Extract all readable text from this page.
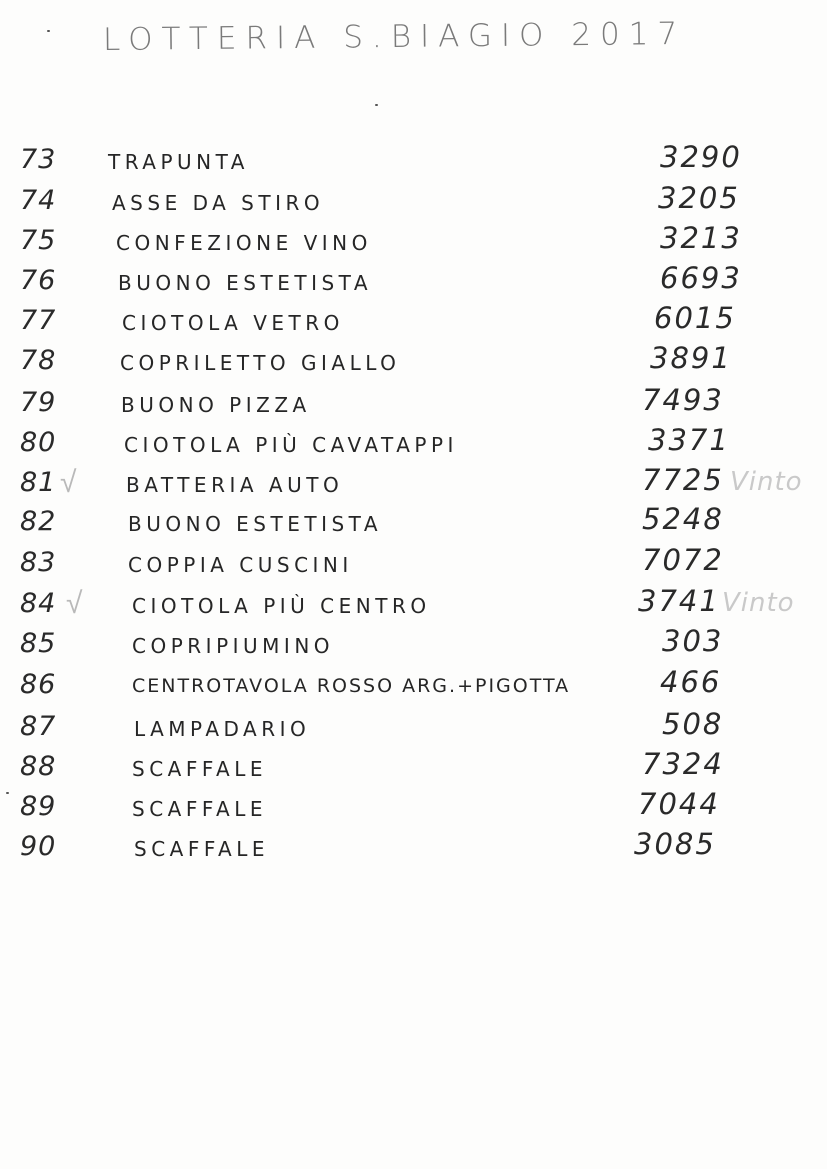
LOTTERIA S.BIAGIO 2017
73	TRAPUNTA	3290
74	ASSE DA STIRO	3205
75	CONFEZIONE VINO	3213
76	BUONO ESTETISTA	6693
77	CIOTOLA VETRO	6015
78	COPRILETTO GIALLO	3891
79	BUONO PIZZA	7493
80	CIOTOLA PIÙ CAVATAPPI	3371
81 √ BATTERIA AUTO	7725 Vinto
82	BUONO ESTETISTA	5248
83	COPPIA CUSCINI	7072
84 √ CIOTOLA PIÙ CENTRO	3741 Vinto
85	COPRIPIUMINO	303
86	CENTROTAVOLA ROSSO ARG.+PIGOTTA	466
87	LAMPADARIO	508
88	SCAFFALE	7324
89	SCAFFALE	7044
90	SCAFFALE	3085
